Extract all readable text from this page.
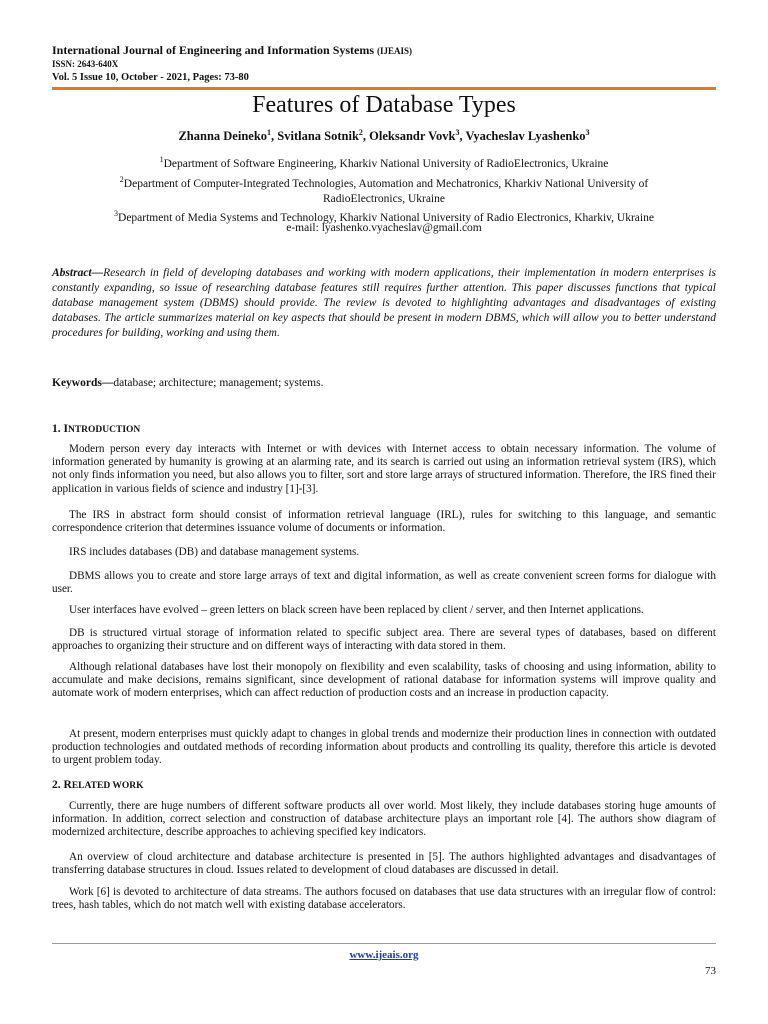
International Journal of Engineering and Information Systems (IJEAIS)
ISSN: 2643-640X
Vol. 5 Issue 10, October - 2021, Pages: 73-80
Features of Database Types
Zhanna Deineko$^1$, Svitlana Sotnik$^2$, Oleksandr Vovk$^3$, Vyacheslav Lyashenko$^3$
$^1$Department of Software Engineering, Kharkiv National University of RadioElectronics, Ukraine
$^2$Department of Computer-Integrated Technologies, Automation and Mechatronics, Kharkiv National University of RadioElectronics, Ukraine
$^3$Department of Media Systems and Technology, Kharkiv National University of Radio Electronics, Kharkiv, Ukraine
e-mail: lyashenko.vyacheslav@gmail.com
Abstract—Research in field of developing databases and working with modern applications, their implementation in modern enterprises is constantly expanding, so issue of researching database features still requires further attention. This paper discusses functions that typical database management system (DBMS) should provide. The review is devoted to highlighting advantages and disadvantages of existing databases. The article summarizes material on key aspects that should be present in modern DBMS, which will allow you to better understand procedures for building, working and using them.
Keywords—database; architecture; management; systems.
1. INTRODUCTION
Modern person every day interacts with Internet or with devices with Internet access to obtain necessary information. The volume of information generated by humanity is growing at an alarming rate, and its search is carried out using an information retrieval system (IRS), which not only finds information you need, but also allows you to filter, sort and store large arrays of structured information. Therefore, the IRS fined their application in various fields of science and industry [1]-[3].
The IRS in abstract form should consist of information retrieval language (IRL), rules for switching to this language, and semantic correspondence criterion that determines issuance volume of documents or information.
IRS includes databases (DB) and database management systems.
DBMS allows you to create and store large arrays of text and digital information, as well as create convenient screen forms for dialogue with user.
User interfaces have evolved – green letters on black screen have been replaced by client / server, and then Internet applications.
DB is structured virtual storage of information related to specific subject area. There are several types of databases, based on different approaches to organizing their structure and on different ways of interacting with data stored in them.
Although relational databases have lost their monopoly on flexibility and even scalability, tasks of choosing and using information, ability to accumulate and make decisions, remains significant, since development of rational database for information systems will improve quality and automate work of modern enterprises, which can affect reduction of production costs and an increase in production capacity.
At present, modern enterprises must quickly adapt to changes in global trends and modernize their production lines in connection with outdated production technologies and outdated methods of recording information about products and controlling its quality, therefore this article is devoted to urgent problem today.
2. RELATED WORK
Currently, there are huge numbers of different software products all over world. Most likely, they include databases storing huge amounts of information. In addition, correct selection and construction of database architecture plays an important role [4]. The authors show diagram of modernized architecture, describe approaches to achieving specified key indicators.
An overview of cloud architecture and database architecture is presented in [5]. The authors highlighted advantages and disadvantages of transferring database structures in cloud. Issues related to development of cloud databases are discussed in detail.
Work [6] is devoted to architecture of data streams. The authors focused on databases that use data structures with an irregular flow of control: trees, hash tables, which do not match well with existing database accelerators.
www.ijeais.org
73
